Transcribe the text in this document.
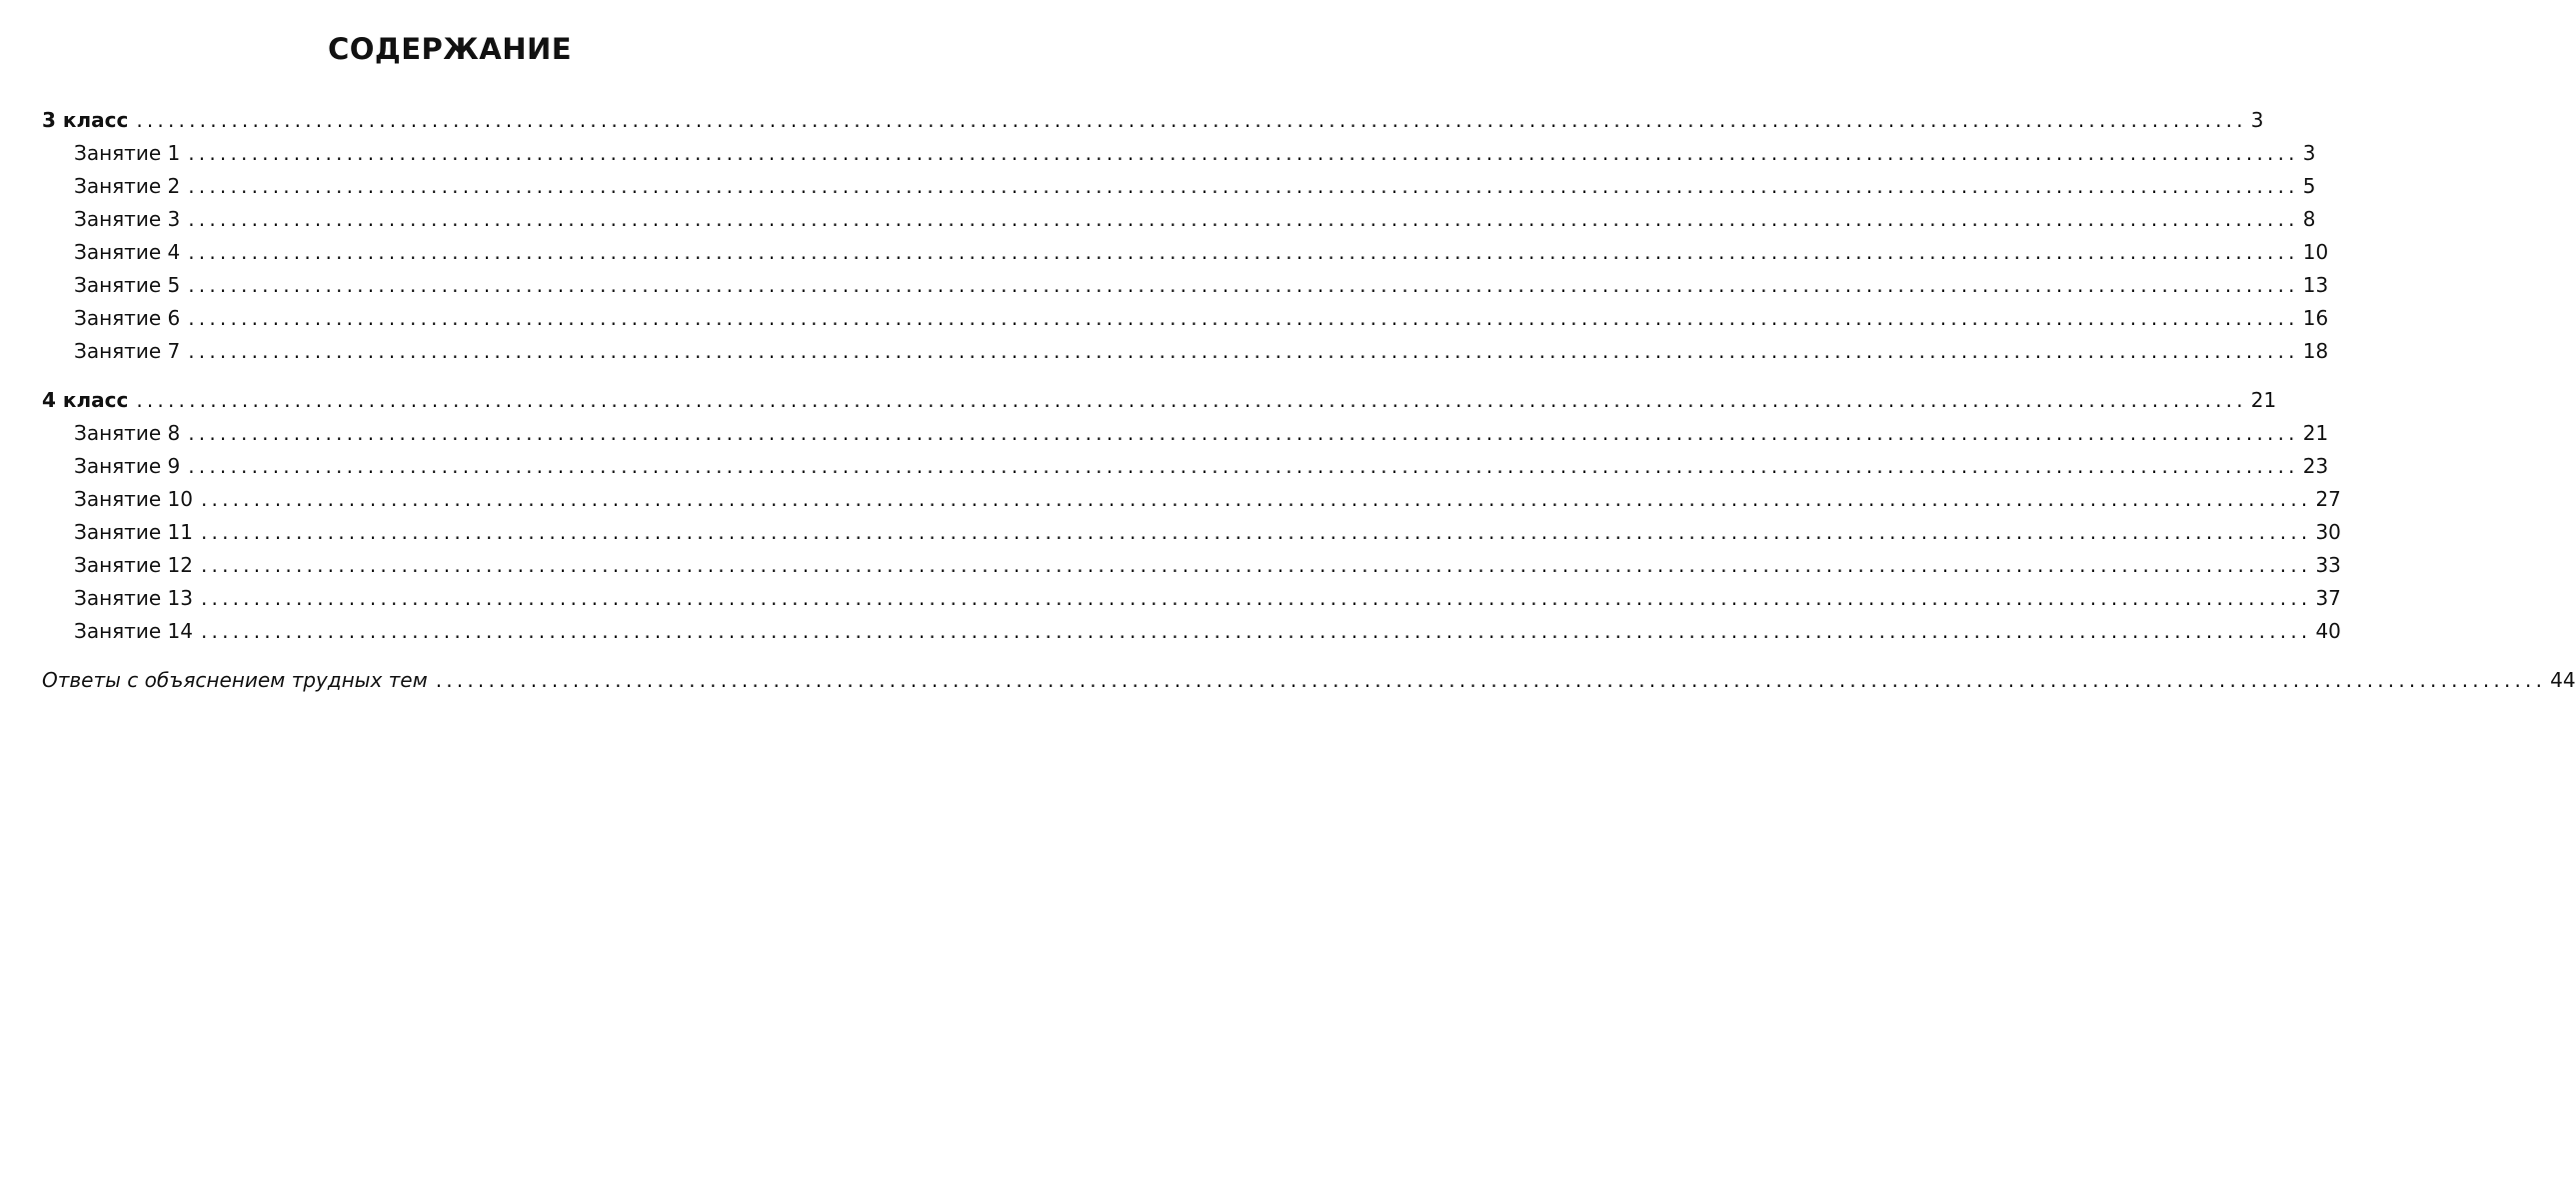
СОДЕРЖАНИЕ
3 класс ........................................................................................................................................................................................................ 3
Занятие 1 ........................................................................................................................................................................................................ 3
Занятие 2 ........................................................................................................................................................................................................ 5
Занятие 3 ........................................................................................................................................................................................................ 8
Занятие 4 ........................................................................................................................................................................................................ 10
Занятие 5 ........................................................................................................................................................................................................ 13
Занятие 6 ........................................................................................................................................................................................................ 16
Занятие 7 ........................................................................................................................................................................................................ 18
4 класс ........................................................................................................................................................................................................ 21
Занятие 8 ........................................................................................................................................................................................................ 21
Занятие 9 ........................................................................................................................................................................................................ 23
Занятие 10 ........................................................................................................................................................................................................ 27
Занятие 11 ........................................................................................................................................................................................................ 30
Занятие 12 ........................................................................................................................................................................................................ 33
Занятие 13 ........................................................................................................................................................................................................ 37
Занятие 14 ........................................................................................................................................................................................................ 40
Ответы с объяснением трудных тем ........................................................................................................................................................................................................ 44
